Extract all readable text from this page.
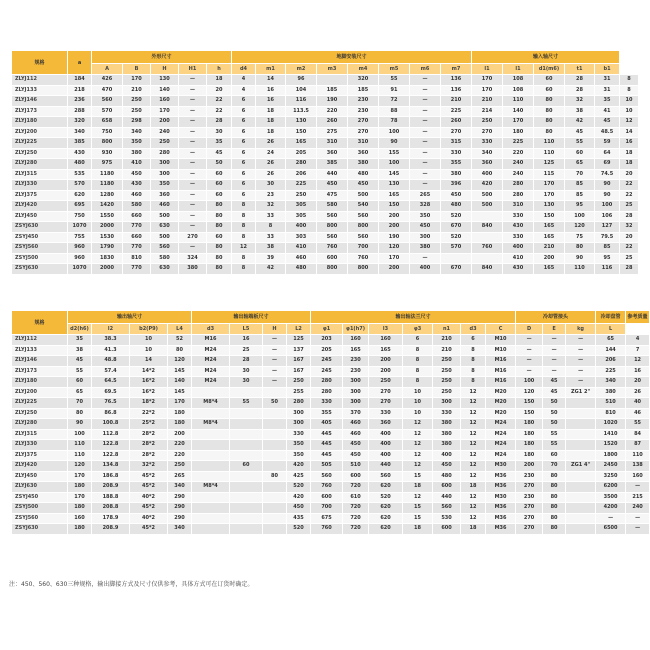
规格	a	外形尺寸					地脚安装尺寸								输入轴尺寸					
		A	B	H	H1	h	d4	m1	m2	m3	m4	m5	m6	m7	l1	l1	d1(m6)	t1	b1	
ZLYJ112	184	426	170	130	—	18	4	14	96		320	55	—	136	170	108	60	28	31	8
ZLYJ133	218	470	210	140	—	20	4	16	104	185	185	91	—	136	170	108	60	28	31	8
ZLYJ146	236	560	250	160	—	22	6	16	116	190	230	72	—	210	210	110	80	32	35	10
ZLYJ173	288	570	250	170	—	22	6	18	113.5	220	230	88	—	225	214	140	80	38	41	10
ZLYJ180	320	658	298	200	—	28	6	18	130	260	270	78	—	260	250	170	80	42	45	12
ZLYJ200	340	750	340	240	—	30	6	18	150	275	270	100	—	270	270	180	80	45	48.5	14
ZLYJ225	385	800	350	250	—	35	6	26	165	310	310	90	—	315	330	225	110	55	59	16
ZLYJ250	430	930	380	280	—	45	6	24	205	360	360	155	—	330	340	220	110	60	64	18
ZLYJ280	480	975	410	300	—	50	6	26	280	385	380	100	—	355	360	240	125	65	69	18
ZLYJ315	535	1180	450	300	—	60	6	26	206	440	480	145	—	380	400	240	115	70	74.5	20
ZLYJ330	570	1180	430	350	—	60	6	30	225	450	450	130	—	396	420	280	170	85	90	22
ZLYJ375	620	1280	460	360	—	60	6	23	250	475	500	165	265	450	500	280	170	85	90	22
ZLYJ420	695	1420	580	460	—	80	8	32	305	580	540	150	328	480	500	310	130	95	100	25
ZLYJ450	750	1550	660	500	—	80	8	33	305	560	560	200	350	520		330	150	100	106	28
ZSYJ630	1070	2000	770	630	—	80	8	8	400	800	800	200	450	670	840	430	165	120	127	32
ZSYJ450	755	1530	660	500	270	60	8	33	303	560	560	190	300	520		330	165	75	79.5	20
ZSYJ560	960	1790	770	560	—	80	12	38	410	760	700	120	380	570	760	400	210	80	85	22
ZSYJ500	960	1830	810	580	324	80	8	39	460	600	760	170	—			410	200	90	95	25
ZSYJ630	1070	2000	770	630	380	80	8	42	480	800	800	200	400	670	840	430	165	110	116	28
规格	输出轴尺寸				输出轴端板尺寸				输出轴法兰尺寸							冷却管接头			冷却盘管	参考质量
	d2(h6)	l2	b2(P9)	L4	d3	L5	H	L2	φ1	φ1(h7)	l3	φ3	n1	d3	C	D	E	kg	L	
ZLYJ112	35	38.3	10	52	M16	16	—	125	203	160	160	6	210	6	M10	—	—	—	65	4
ZLYJ133	38	41.3	10	80	M24	25	—	137	205	165	165	8	210	8	M10	—	—	—	144	7
ZLYJ146	45	48.8	14	120	M24	28	—	167	245	230	200	8	250	8	M16	—	—	—	206	12
ZLYJ173	55	57.4	14*2	145	M24	30	—	167	245	230	200	8	250	8	M16	—	—	—	225	16
ZLYJ180	60	64.5	16*2	140	M24	30	—	250	280	300	250	8	250	8	M16	100	45	—	340	20
ZLYJ200	65	69.5	16*2	145				255	280	300	270	10	250	12	M20	120	45	ZG1 2"	380	26
ZLYJ225	70	76.5	18*2	170	M8*4	55	50	280	330	300	270	10	300	12	M20	150	50		510	40
ZLYJ250	80	86.8	22*2	180				300	355	370	330	10	330	12	M20	150	50		810	46
ZLYJ280	90	100.8	25*2	180	M8*4			300	405	460	360	12	380	12	M24	180	50		1020	55
ZLYJ315	100	112.8	28*2	200				330	445	460	400	12	380	12	M24	180	55		1410	84
ZLYJ330	110	122.8	28*2	220				350	445	450	400	12	380	12	M24	180	55		1520	87
ZLYJ375	110	122.8	28*2	220				350	445	450	400	12	400	12	M24	180	60		1800	110
ZLYJ420	120	134.8	32*2	250		60		420	505	510	440	12	450	12	M30	200	70	ZG1 4"	2450	138
ZLYJ450	170	186.8	45*2	265			80	425	560	600	560	15	480	12	M36	230	80		3250	160
ZLYJ630	180	208.9	45*2	340	M8*4			520	760	720	620	18	600	18	M36	270	80		6200	—
ZSYJ450	170	188.8	40*2	290				420	600	610	520	12	440	12	M30	230	80		3500	215
ZSYJ500	180	208.8	45*2	290				450	700	720	620	15	560	12	M36	270	80		4200	240
ZSYJ560	160	178.9	40*2	290				435	675	720	620	15	530	12	M36	270	80		—	—
ZSYJ630	180	208.9	45*2	340				520	760	720	620	18	600	18	M36	270	80		6500	—
注：450、560、630三种规格，输出脚接方式及尺寸仅供参考，具体方式可在订货时确定。
